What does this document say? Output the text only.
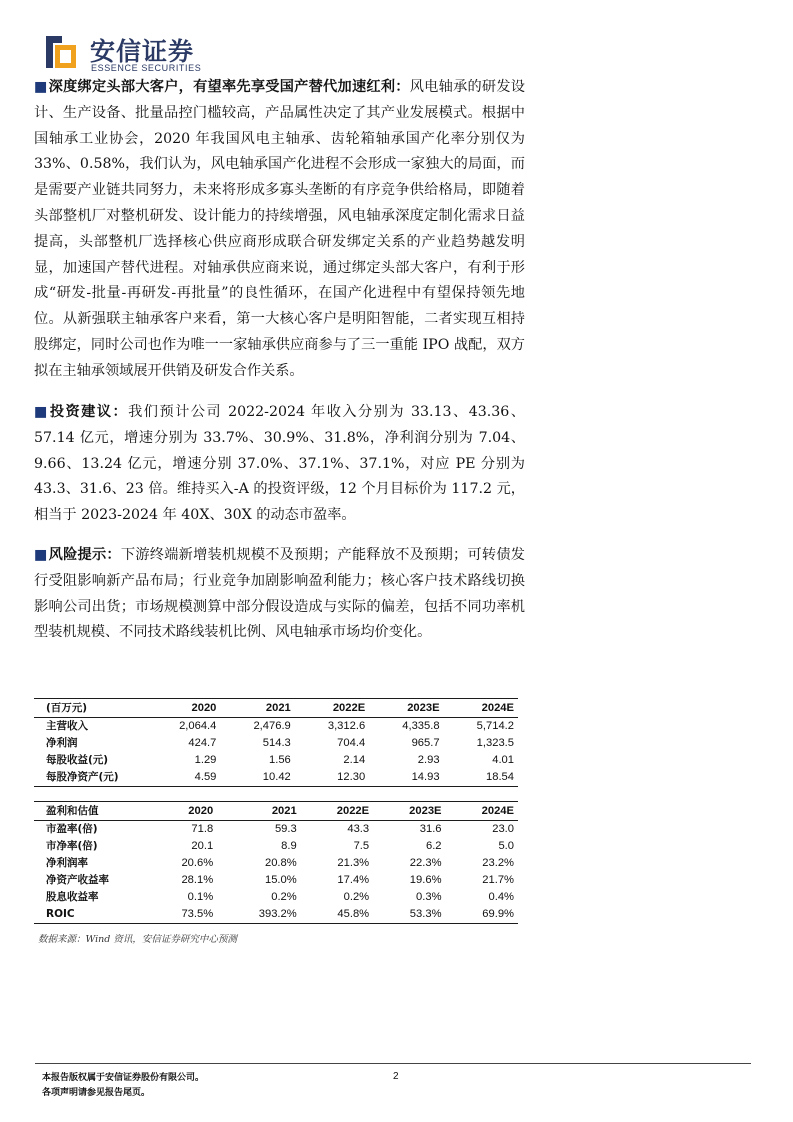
安信证券
ESSENCE SECURITIES

■深度绑定头部大客户，有望率先享受国产替代加速红利：风电轴承的研发设计、生产设备、批量品控门槛较高，产品属性决定了其产业发展模式。根据中国轴承工业协会，2020 年我国风电主轴承、齿轮箱轴承国产化率分别仅为 33%、0.58%，我们认为，风电轴承国产化进程不会形成一家独大的局面，而是需要产业链共同努力，未来将形成多寡头垄断的有序竞争供给格局，即随着头部整机厂对整机研发、设计能力的持续增强，风电轴承深度定制化需求日益提高，头部整机厂选择核心供应商形成联合研发绑定关系的产业趋势越发明显，加速国产替代进程。对轴承供应商来说，通过绑定头部大客户，有利于形成“研发-批量-再研发-再批量”的良性循环，在国产化进程中有望保持领先地位。从新强联主轴承客户来看，第一大核心客户是明阳智能，二者实现互相持股绑定，同时公司也作为唯一一家轴承供应商参与了三一重能 IPO 战配，双方拟在主轴承领域展开供销及研发合作关系。

■投资建议：我们预计公司 2022-2024 年收入分别为 33.13、43.36、57.14 亿元，增速分别为 33.7%、30.9%、31.8%，净利润分别为 7.04、9.66、13.24 亿元，增速分别 37.0%、37.1%、37.1%，对应 PE 分别为 43.3、31.6、23 倍。维持买入-A 的投资评级，12 个月目标价为 117.2 元，相当于 2023-2024 年 40X、30X 的动态市盈率。

■风险提示：下游终端新增装机规模不及预期；产能释放不及预期；可转债发行受阻影响新产品布局；行业竞争加剧影响盈利能力；核心客户技术路线切换影响公司出货；市场规模测算中部分假设造成与实际的偏差，包括不同功率机型装机规模、不同技术路线装机比例、风电轴承市场均价变化。

(百万元)	2020	2021	2022E	2023E	2024E
主营收入	2,064.4	2,476.9	3,312.6	4,335.8	5,714.2
净利润	424.7	514.3	704.4	965.7	1,323.5
每股收益(元)	1.29	1.56	2.14	2.93	4.01
每股净资产(元)	4.59	10.42	12.30	14.93	18.54
盈利和估值	2020	2021	2022E	2023E	2024E
市盈率(倍)	71.8	59.3	43.3	31.6	23.0
市净率(倍)	20.1	8.9	7.5	6.2	5.0
净利润率	20.6%	20.8%	21.3%	22.3%	23.2%
净资产收益率	28.1%	15.0%	17.4%	19.6%	21.7%
股息收益率	0.1%	0.2%	0.2%	0.3%	0.4%
ROIC	73.5%	393.2%	45.8%	53.3%	69.9%
数据来源：Wind 资讯，安信证券研究中心预测
本报告版权属于安信证券股份有限公司。
各项声明请参见报告尾页。
2
